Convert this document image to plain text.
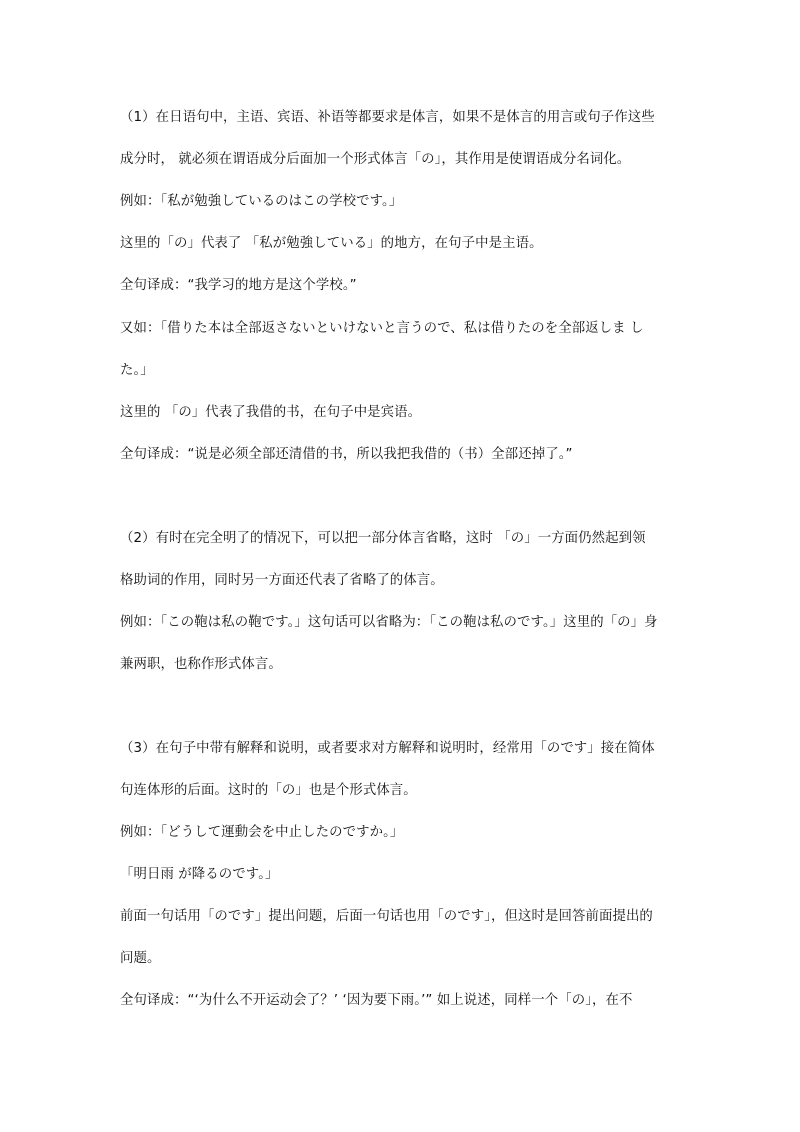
（1）在日语句中，主语、宾语、补语等都要求是体言，如果不是体言的用言或句子作这些
成分时， 就必须在谓语成分后面加一个形式体言「の」，其作用是使谓语成分名词化。
例如：「私が勉強しているのはこの学校です。」
这里的「の」代表了 「私が勉強している」的地方，在句子中是主语。
全句译成：“我学习的地方是这个学校。”
又如：「借りた本は全部返さないといけないと言うので、私は借りたのを全部返しま し
た。」
这里的 「の」代表了我借的书，在句子中是宾语。
全句译成：“说是必须全部还清借的书，所以我把我借的（书）全部还掉了。”
（2）有时在完全明了的情况下，可以把一部分体言省略，这时 「の」一方面仍然起到领
格助词的作用，同时另一方面还代表了省略了的体言。
例如：「この鞄は私の鞄です。」这句话可以省略为：「この鞄は私のです。」这里的「の」身
兼两职，也称作形式体言。
（3）在句子中带有解释和说明，或者要求对方解释和说明时，经常用「のです」接在简体
句连体形的后面。这时的「の」也是个形式体言。
例如：「どうして運動会を中止したのですか。」
「明日雨 が降るのです。」
前面一句话用「のです」提出问题，后面一句话也用「のです」，但这时是回答前面提出的
问题。
全句译成：“‘为什么不开运动会了？’ ‘因为要下雨。’” 如上说述，同样一个「の」，在不
